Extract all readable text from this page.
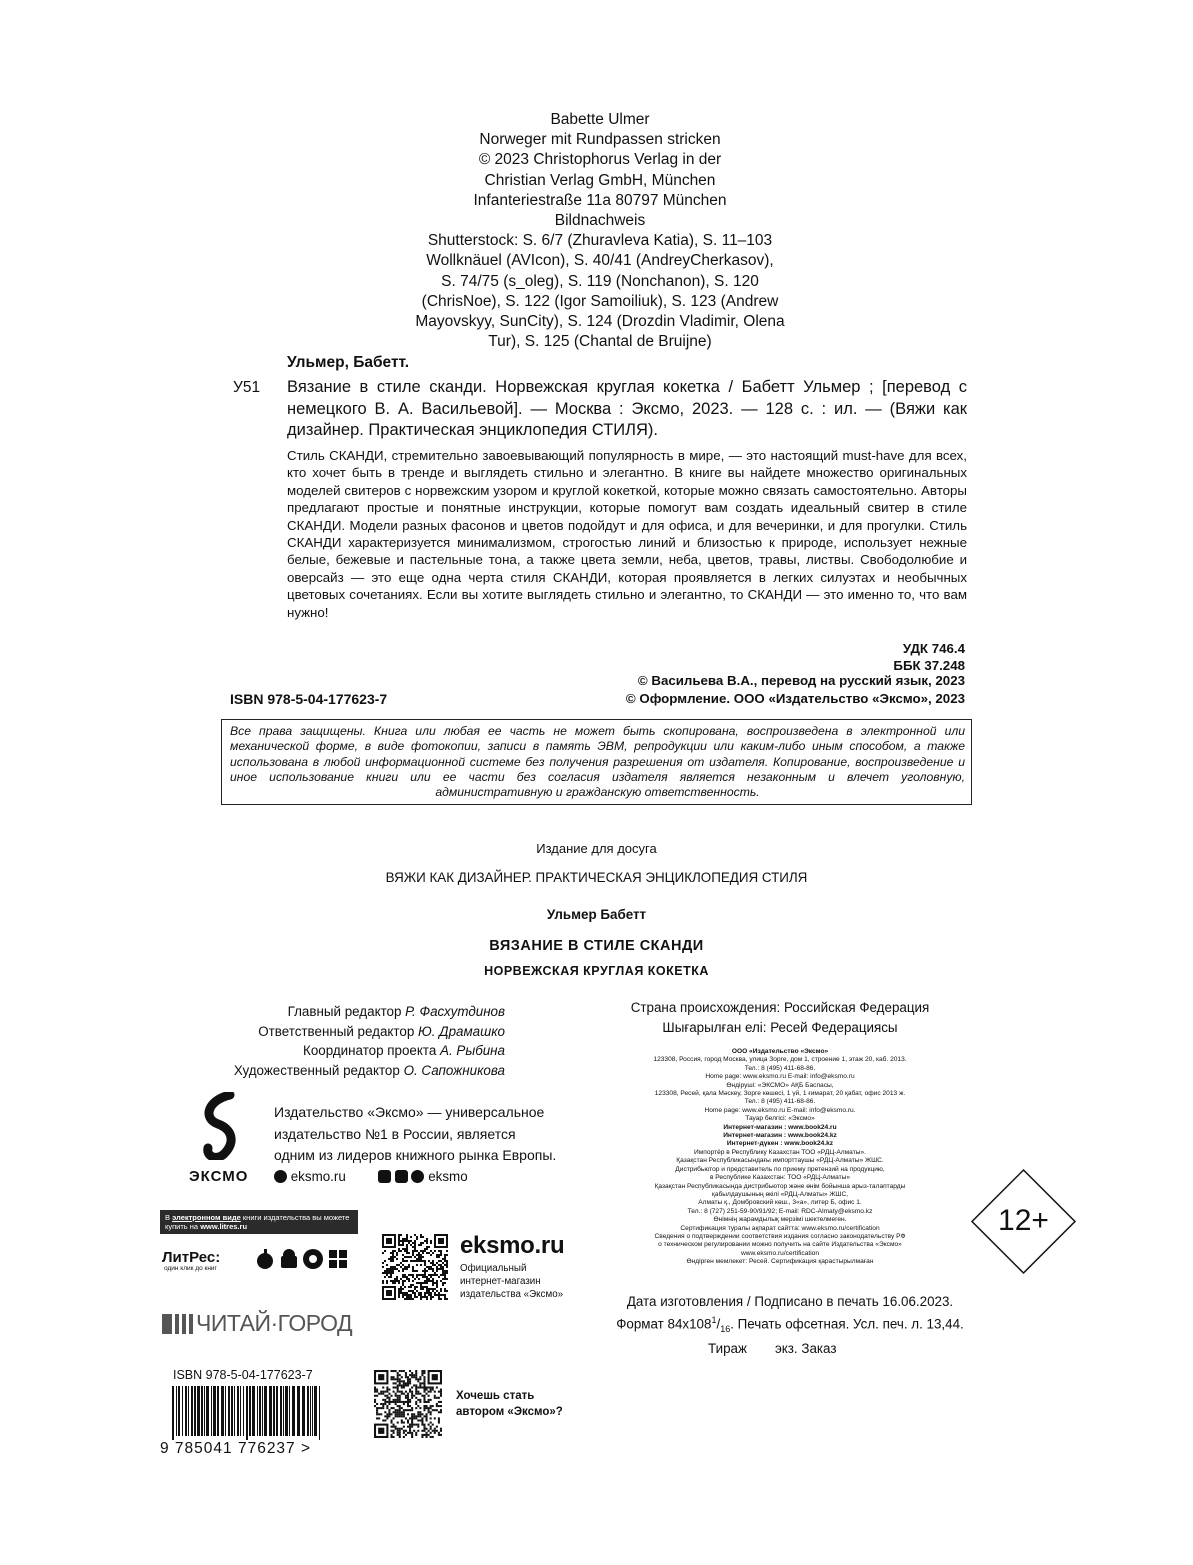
Babette Ulmer
Norweger mit Rundpassen stricken
© 2023 Christophorus Verlag in der
Christian Verlag GmbH, München
Infanteriestraße 11a 80797 München
Bildnachweis
Shutterstock: S. 6/7 (Zhuravleva Katia), S. 11–103
Wollknäuel (AVIcon), S. 40/41 (AndreyCherkasov),
S. 74/75 (s_oleg), S. 119 (Nonchanon), S. 120
(ChrisNoe), S. 122 (Igor Samoiliuk), S. 123 (Andrew
Mayovskyy, SunCity), S. 124 (Drozdin Vladimir, Olena
Tur), S. 125 (Chantal de Bruijne)
Ульмер, Бабетт.
У51 Вязание в стиле сканди. Норвежская круглая кокетка / Бабетт Ульмер ; [перевод с немецкого В. А. Васильевой]. — Москва : Эксмо, 2023. — 128 с. : ил. — (Вяжи как дизайнер. Практическая энциклопедия СТИЛЯ).
Стиль СКАНДИ, стремительно завоевывающий популярность в мире, — это настоящий must-have для всех, кто хочет быть в тренде и выглядеть стильно и элегантно. В книге вы найдете множество оригинальных моделей свитеров с норвежским узором и круглой кокеткой, которые можно связать самостоятельно. Авторы предлагают простые и понятные инструкции, которые помогут вам создать идеальный свитер в стиле СКАНДИ. Модели разных фасонов и цветов подойдут и для офиса, и для вечеринки, и для прогулки. Стиль СКАНДИ характеризуется минимализмом, строгостью линий и близостью к природе, использует нежные белые, бежевые и пастельные тона, а также цвета земли, неба, цветов, травы, листвы. Свободолюбие и оверсайз — это еще одна черта стиля СКАНДИ, которая проявляется в легких силуэтах и необычных цветовых сочетаниях. Если вы хотите выглядеть стильно и элегантно, то СКАНДИ — это именно то, что вам нужно!
УДК 746.4
ББК 37.248
© Васильева В.А., перевод на русский язык, 2023
© Оформление. ООО «Издательство «Эксмо», 2023
ISBN 978-5-04-177623-7
Все права защищены. Книга или любая ее часть не может быть скопирована, воспроизведена в электронной или механической форме, в виде фотокопии, записи в память ЭВМ, репродукции или каким-либо иным способом, а также использована в любой информационной системе без получения разрешения от издателя. Копирование, воспроизведение и иное использование книги или ее части без согласия издателя является незаконным и влечет уголовную, административную и гражданскую ответственность.
Издание для досуга
ВЯЖИ КАК ДИЗАЙНЕР. ПРАКТИЧЕСКАЯ ЭНЦИКЛОПЕДИЯ СТИЛЯ
Ульмер Бабетт
ВЯЗАНИЕ В СТИЛЕ СКАНДИ
НОРВЕЖСКАЯ КРУГЛАЯ КОКЕТКА
Главный редактор Р. Фасхутдинов
Ответственный редактор Ю. Драмашко
Координатор проекта А. Рыбина
Художественный редактор О. Сапожникова
Страна происхождения: Российская Федерация
Шығарылған елі: Ресей Федерациясы
ООО «Издательство «Эксмо»
123308, Россия, город Москва, улица Зорге, дом 1, строение 1, этаж 20, каб. 2013.
Тел.: 8 (495) 411-68-86.
Home page: www.eksmo.ru E-mail: info@eksmo.ru
Өндіруші: «ЭКСМО» АҚБ Баспасы,
123308, Ресей, қала Мәскеу, Зорге көшесі, 1 үй, 1 ғимарат, 20 қабат, офис 2013 ж.
Тел.: 8 (495) 411-68-86.
Home page: www.eksmo.ru E-mail: info@eksmo.ru.
Тауар белгісі: «Эксмо»
Интернет-магазин : www.book24.ru
Интернет-магазин : www.book24.kz
Интернет-дүкен : www.book24.kz
Импортёр в Республику Казахстан ТОО «РДЦ-Алматы».
Қазақстан Республикасындағы импорттаушы «РДЦ-Алматы» ЖШС.
Дистрибьютор и представитель по приему претензий на продукцию,
в Республике Казахстан: ТОО «РДЦ-Алматы»
Қазақстан Республикасында дистрибьютор және өнім бойынша арыз-талаптарды
қабылдаушының өкілі «РДЦ-Алматы» ЖШС,
Алматы қ., Домбровский көш., 3«а», литер Б, офис 1.
Тел.: 8 (727) 251-59-90/91/92; E-mail: RDC-Almaty@eksmo.kz
Өнімнің жарамдылық мерзімі шектелмеген.
Сертификация туралы ақпарат сайтта: www.eksmo.ru/certification
Сведения о подтверждении соответствия издания согласно законодательству РФ
о техническом регулировании можно получить на сайте Издательства «Эксмо»
www.eksmo.ru/certification
Өндірген мемлекет: Ресей. Сертификация қарастырылмаған
12+
ЭКСМО
Издательство «Эксмо» — универсальное
издательство №1 в России, является
одним из лидеров книжного рынка Европы.
eksmo.ru	eksmo
В электронном виде книги издательства вы можете
купить на www.litres.ru
ЛитРес:
один клик до книг
eksmo.ru
Официальный
интернет-магазин
издательства «Эксмо»
ЧИТАЙ·ГОРОД
Дата изготовления / Подписано в печать 16.06.2023.
Формат $84x108^1/_{16}$. Печать офсетная. Усл. печ. л. 13,44.
Тираж экз. Заказ
ISBN 978-5-04-177623-7
9 785041 776237 >
Хочешь стать
автором «Эксмо»?
